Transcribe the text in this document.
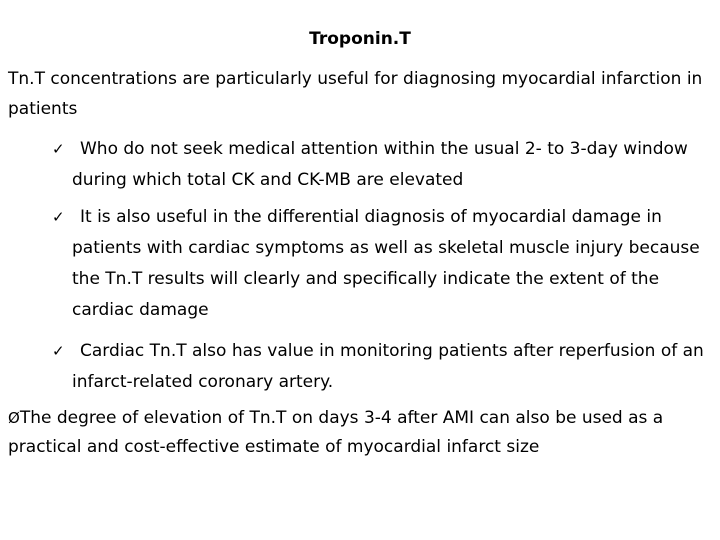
Troponin.T
Tn.T concentrations are particularly useful for diagnosing myocardial infarction in patients
✓ Who do not seek medical attention within the usual 2- to 3-day window during which total CK and CK-MB are elevated
✓ It is also useful in the differential diagnosis of myocardial damage in patients with cardiac symptoms as well as skeletal muscle injury because the Tn.T results will clearly and specifically indicate the extent of the cardiac damage
✓ Cardiac Tn.T also has value in monitoring patients after reperfusion of an infarct-related coronary artery.
ØThe degree of elevation of Tn.T on days 3-4 after AMI can also be used as a practical and cost-effective estimate of myocardial infarct size
